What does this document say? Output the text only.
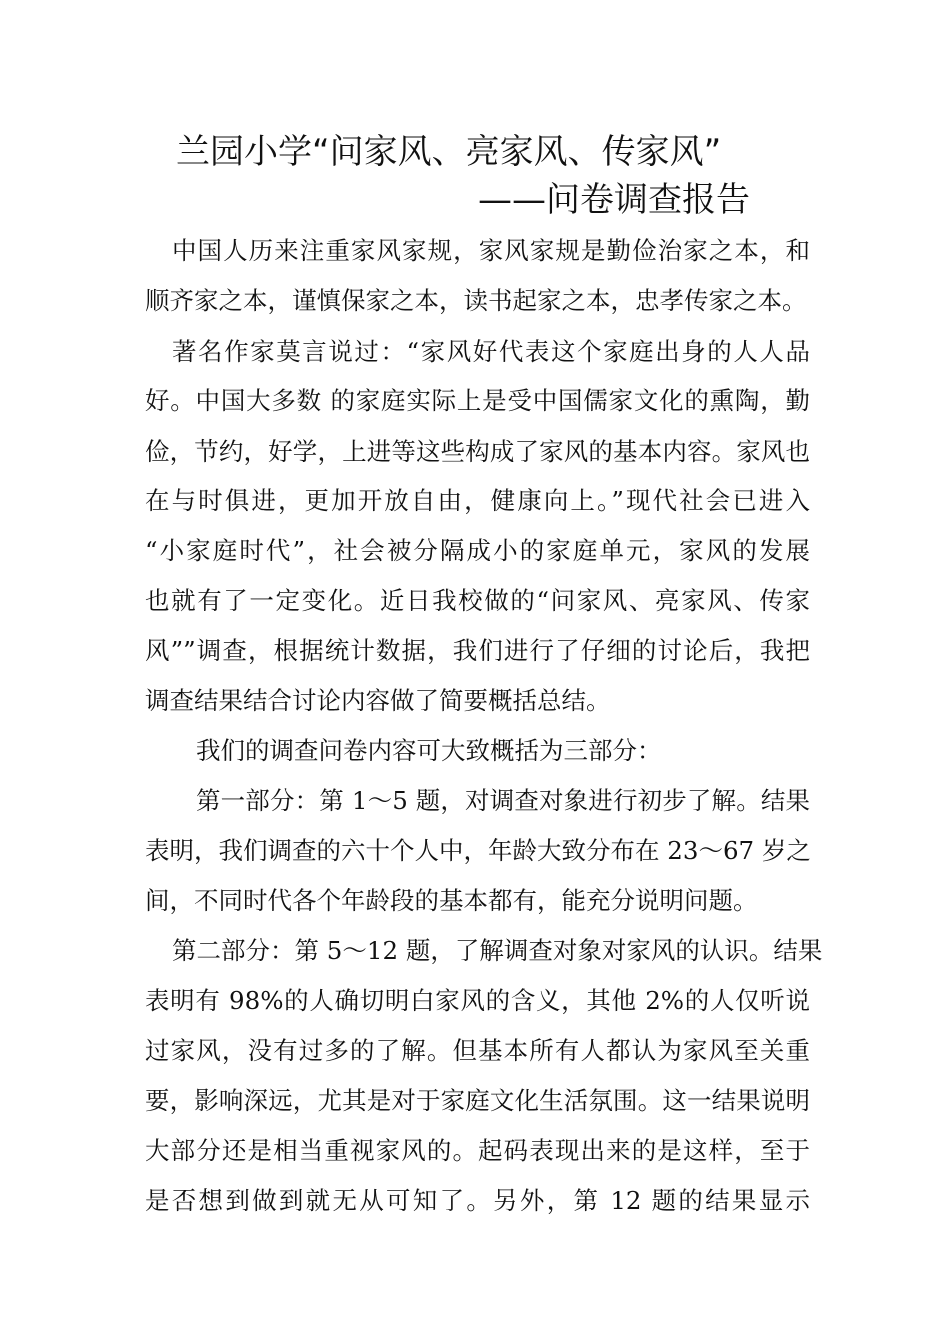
兰园小学“问家风、亮家风、传家风”
——问卷调查报告
中国人历来注重家风家规，家风家规是勤俭治家之本，和
顺齐家之本，谨慎保家之本，读书起家之本，忠孝传家之本。
著名作家莫言说过：“家风好代表这个家庭出身的人人品
好。中国大多数 的家庭实际上是受中国儒家文化的熏陶，勤
俭，节约，好学，上进等这些构成了家风的基本内容。家风也
在与时俱进，更加开放自由，健康向上。”现代社会已进入
“小家庭时代”，社会被分隔成小的家庭单元，家风的发展
也就有了一定变化。近日我校做的“问家风、亮家风、传家
风””调查，根据统计数据，我们进行了仔细的讨论后，我把
调查结果结合讨论内容做了简要概括总结。
我们的调查问卷内容可大致概括为三部分：
第一部分：第 1～5 题，对调查对象进行初步了解。结果
表明，我们调查的六十个人中，年龄大致分布在 23～67 岁之
间，不同时代各个年龄段的基本都有，能充分说明问题。
第二部分：第 5～12 题，了解调查对象对家风的认识。结果
表明有 98%的人确切明白家风的含义，其他 2%的人仅听说
过家风，没有过多的了解。但基本所有人都认为家风至关重
要，影响深远，尤其是对于家庭文化生活氛围。这一结果说明
大部分还是相当重视家风的。起码表现出来的是这样，至于
是否想到做到就无从可知了。另外，第 12 题的结果显示
